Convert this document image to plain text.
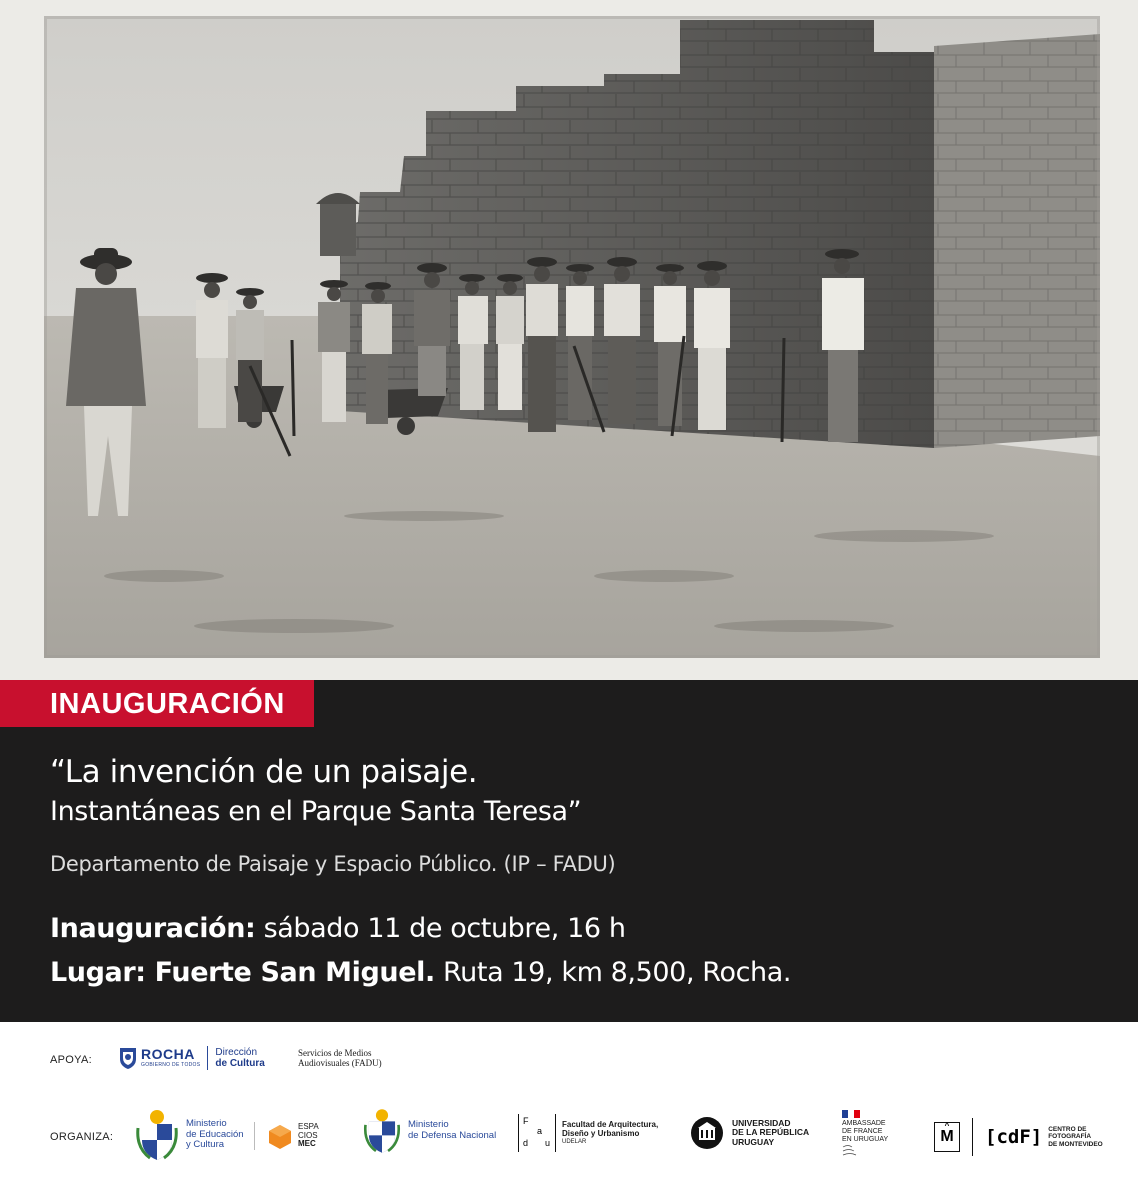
INAUGURACIÓN
“La invención de un paisaje.
Instantáneas en el Parque Santa Teresa”
Departamento de Paisaje y Espacio Público. (IP – FADU)
Inauguración: sábado 11 de octubre, 16 h
Lugar: Fuerte San Miguel. Ruta 19, km 8,500, Rocha.
APOYA:	ROCHA
GOBIERNO DE TODOS
Dirección
de Cultura
Servicios de Medios
Audiovisuales (FADU)
ORGANIZA:
Ministerio
de Educación
y Cultura
ESPA
CIOS
MEC
Ministerio
de Defensa Nacional
F
a
d u
Facultad de Arquitectura,
Diseño y Urbanismo
UDELAR
UNIVERSIDAD
DE LA REPÚBLICA
URUGUAY
AMBASSADE
DE FRANCE
EN URUGUAY
^
M [cdF] CENTRO DE
FOTOGRAFÍA
DE MONTEVIDEO
